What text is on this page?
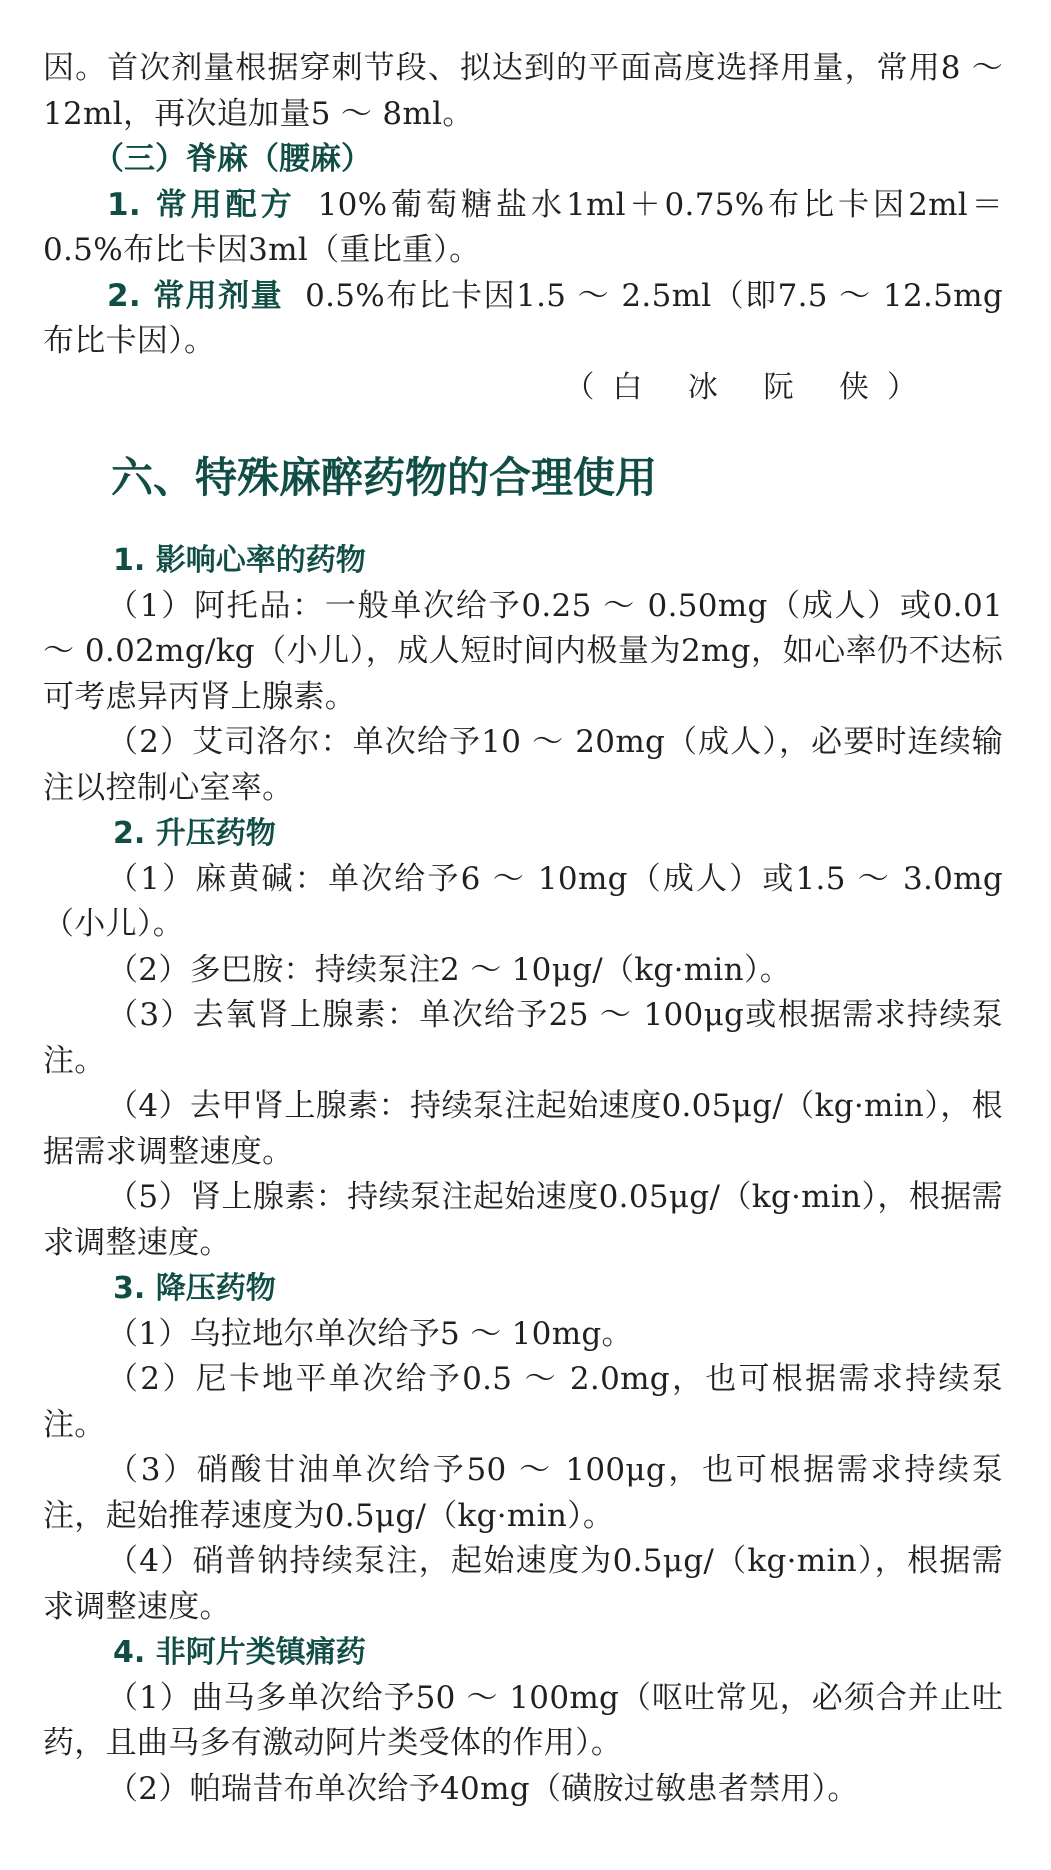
因。首次剂量根据穿刺节段、拟达到的平面高度选择用量，常用8 ～ 12ml，再次追加量5 ～ 8ml。

（三）脊麻（腰麻）

1. 常用配方 10%葡萄糖盐水1ml＋0.75%布比卡因2ml＝0.5%布比卡因3ml（重比重）。

2. 常用剂量 0.5%布比卡因1.5 ～ 2.5ml（即7.5 ～ 12.5mg布比卡因）。

（白 冰 阮 侠）

六、特殊麻醉药物的合理使用
1. 影响心率的药物

（1）阿托品：一般单次给予0.25 ～ 0.50mg（成人）或0.01 ～ 0.02mg/kg（小儿），成人短时间内极量为2mg，如心率仍不达标可考虑异丙肾上腺素。

（2）艾司洛尔：单次给予10 ～ 20mg（成人），必要时连续输注以控制心室率。

2. 升压药物

（1）麻黄碱：单次给予6 ～ 10mg（成人）或1.5 ～ 3.0mg（小儿）。

（2）多巴胺：持续泵注2 ～ 10μg/（kg·min）。

（3）去氧肾上腺素：单次给予25 ～ 100μg或根据需求持续泵注。

（4）去甲肾上腺素：持续泵注起始速度0.05μg/（kg·min），根据需求调整速度。

（5）肾上腺素：持续泵注起始速度0.05μg/（kg·min），根据需求调整速度。

3. 降压药物

（1）乌拉地尔单次给予5 ～ 10mg。

（2）尼卡地平单次给予0.5 ～ 2.0mg，也可根据需求持续泵注。

（3）硝酸甘油单次给予50 ～ 100μg，也可根据需求持续泵注，起始推荐速度为0.5μg/（kg·min）。

（4）硝普钠持续泵注，起始速度为0.5μg/（kg·min），根据需求调整速度。

4. 非阿片类镇痛药

（1）曲马多单次给予50 ～ 100mg（呕吐常见，必须合并止吐药，且曲马多有激动阿片类受体的作用）。

（2）帕瑞昔布单次给予40mg（磺胺过敏患者禁用）。
